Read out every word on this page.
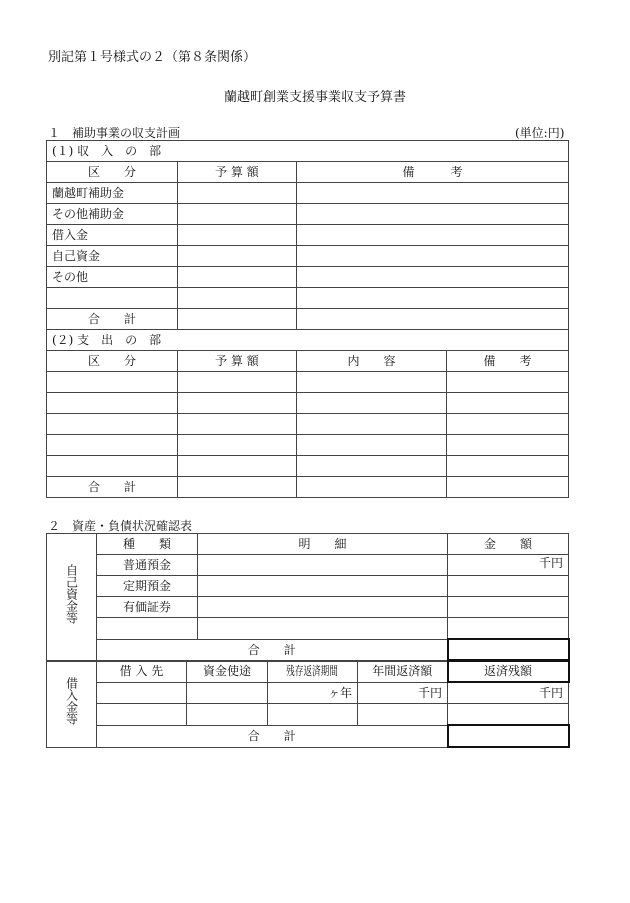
別記第１号様式の２（第８条関係）
蘭越町創業支援事業収支予算書
１　補助事業の収支計画	(単位:円)
(１) 収　入　の　部			
区　　分	予 算 額	備　　　考	
蘭越町補助金			
その他補助金			
借入金			
自己資金			
その他			

合　　計			
(２) 支　出　の　部			
区　　分	予 算 額	内　　容	備　　考

合　　計			
２　資産・負債状況確認表
自己資金等	種　　類	明　　細	金　　額
	普通預金		千円
	定期預金		
	有価証券		

	合　　計		
借入金等	借 入 先	資金使途	残存返済期間	年間返済額	返済残額
			ヶ年	千円	千円

	合　　計				
